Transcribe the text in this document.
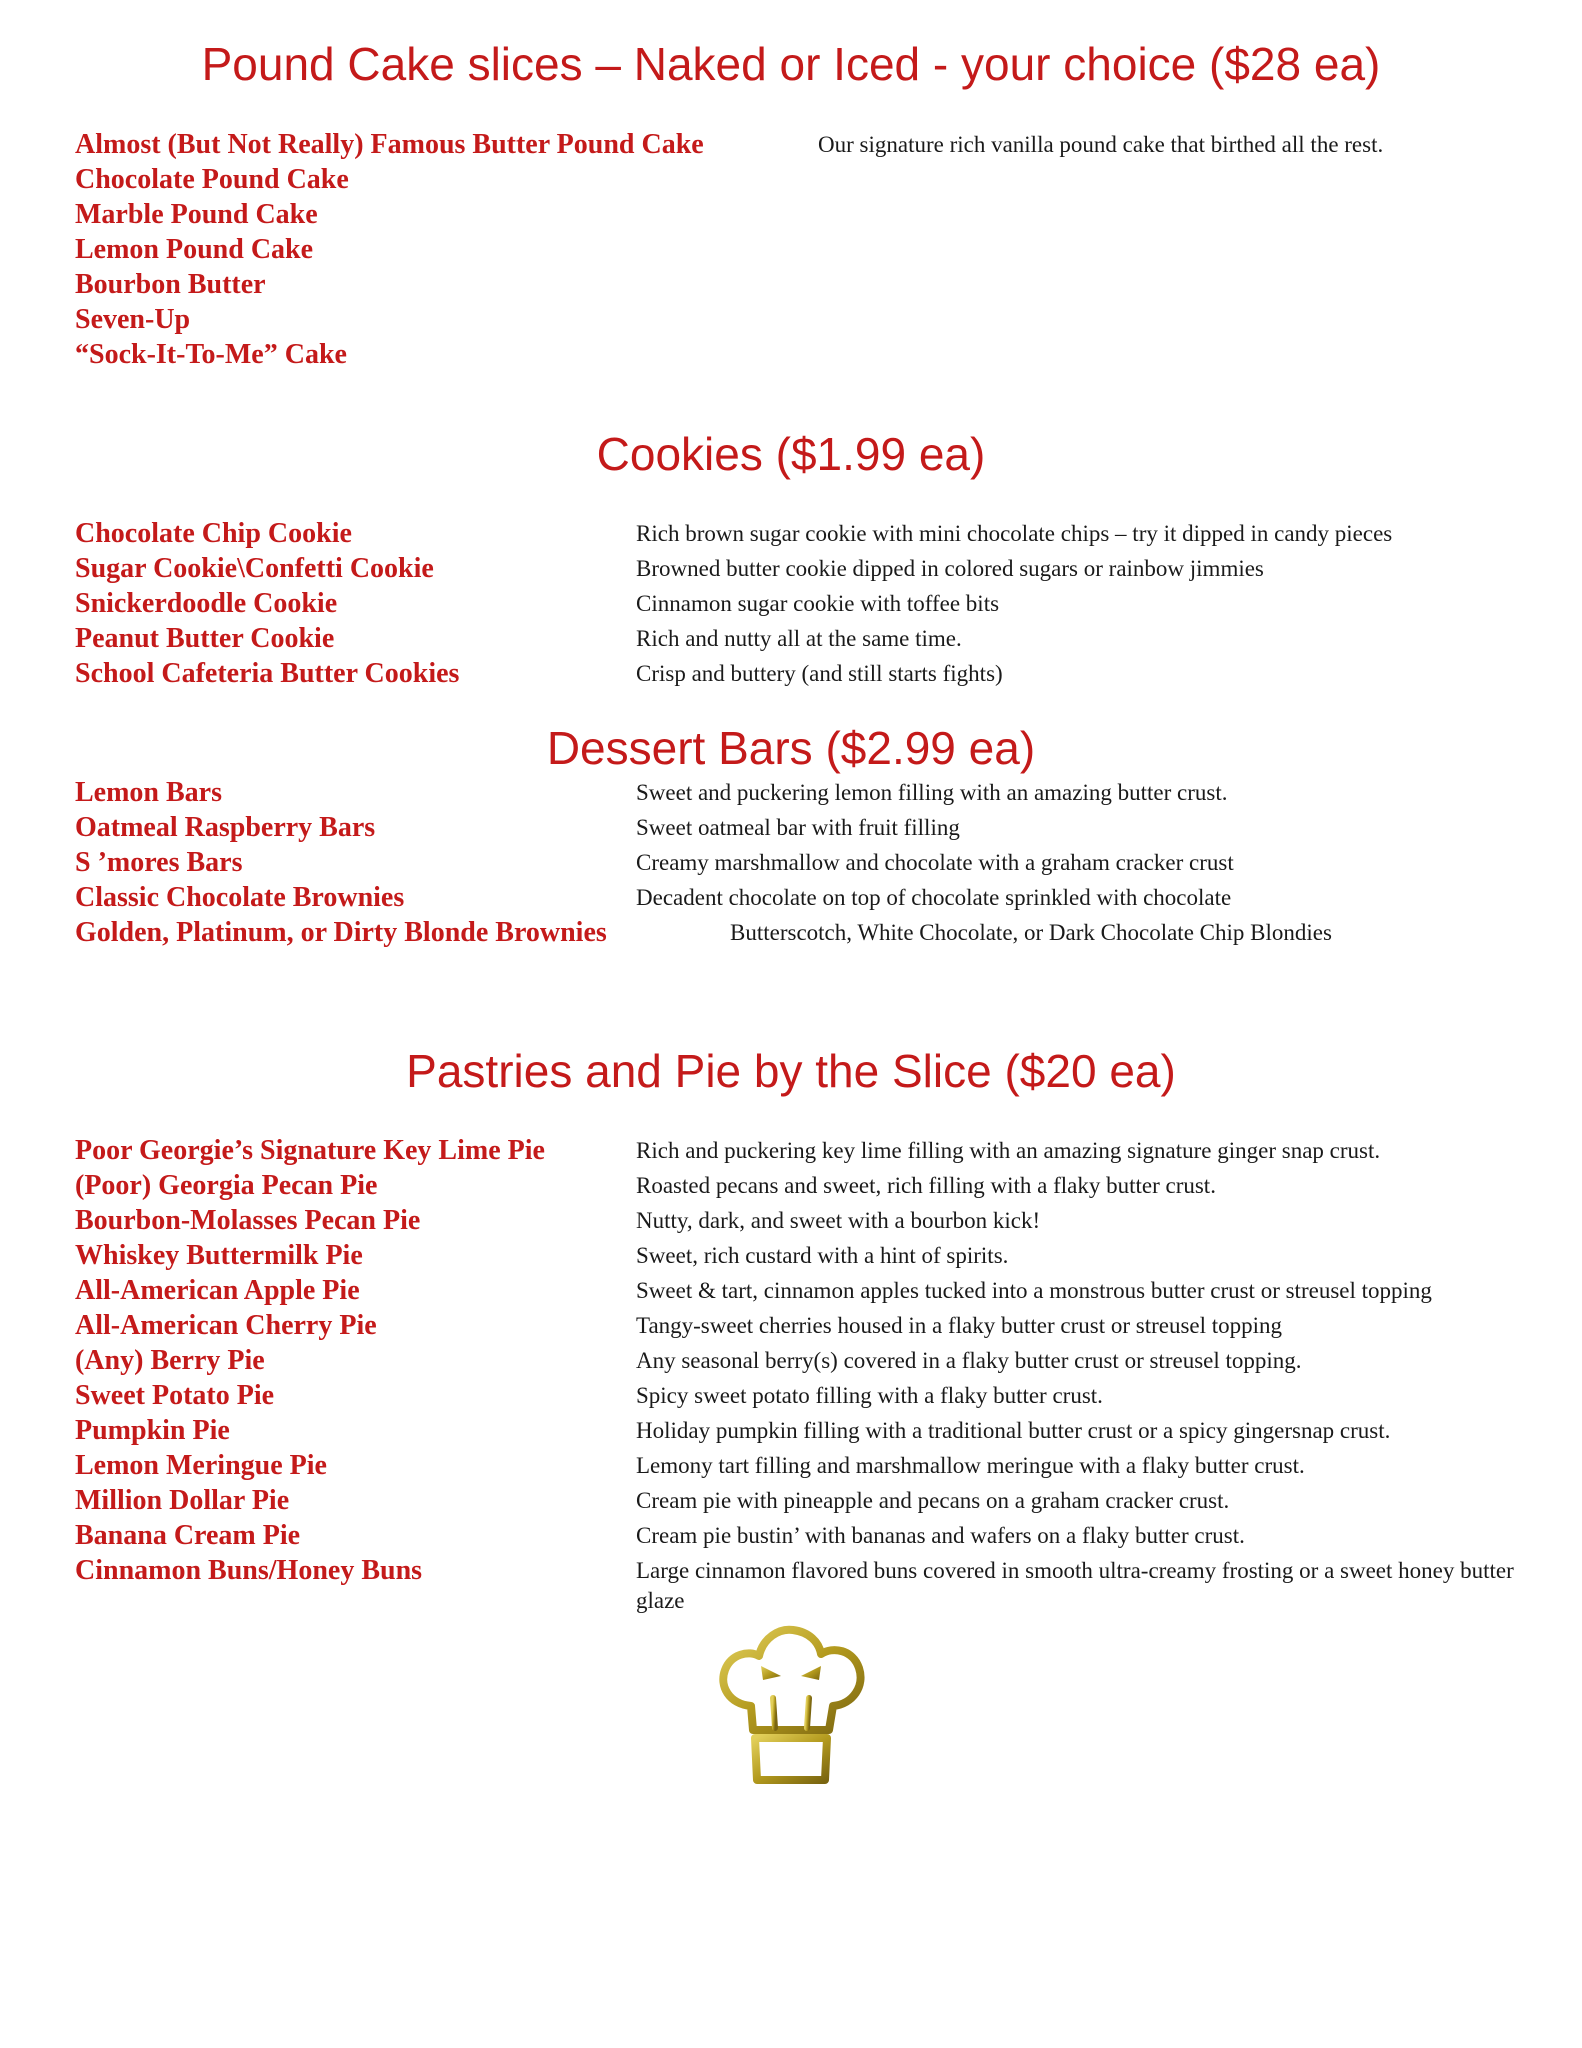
Pound Cake slices – Naked or Iced - your choice ($28 ea)
Almost (But Not Really) Famous Butter Pound Cake	Our signature rich vanilla pound cake that birthed all the rest.
Chocolate Pound Cake
Marble Pound Cake
Lemon Pound Cake
Bourbon Butter
Seven-Up
“Sock-It-To-Me” Cake
Cookies ($1.99 ea)
Chocolate Chip Cookie	Rich brown sugar cookie with mini chocolate chips – try it dipped in candy pieces
Sugar Cookie\Confetti Cookie	Browned butter cookie dipped in colored sugars or rainbow jimmies
Snickerdoodle Cookie	Cinnamon sugar cookie with toffee bits
Peanut Butter Cookie	Rich and nutty all at the same time.
School Cafeteria Butter Cookies	Crisp and buttery (and still starts fights)
Dessert Bars ($2.99 ea)
Lemon Bars	Sweet and puckering lemon filling with an amazing butter crust.
Oatmeal Raspberry Bars	Sweet oatmeal bar with fruit filling
S ’mores Bars	Creamy marshmallow and chocolate with a graham cracker crust
Classic Chocolate Brownies	Decadent chocolate on top of chocolate sprinkled with chocolate
Golden, Platinum, or Dirty Blonde Brownies	Butterscotch, White Chocolate, or Dark Chocolate Chip Blondies
Pastries and Pie by the Slice ($20 ea)
Poor Georgie’s Signature Key Lime Pie	Rich and puckering key lime filling with an amazing signature ginger snap crust.
(Poor) Georgia Pecan Pie	Roasted pecans and sweet, rich filling with a flaky butter crust.
Bourbon-Molasses Pecan Pie	Nutty, dark, and sweet with a bourbon kick!
Whiskey Buttermilk Pie	Sweet, rich custard with a hint of spirits.
All-American Apple Pie	Sweet & tart, cinnamon apples tucked into a monstrous butter crust or streusel topping
All-American Cherry Pie	Tangy-sweet cherries housed in a flaky butter crust or streusel topping
(Any) Berry Pie	Any seasonal berry(s) covered in a flaky butter crust or streusel topping.
Sweet Potato Pie	Spicy sweet potato filling with a flaky butter crust.
Pumpkin Pie	Holiday pumpkin filling with a traditional butter crust or a spicy gingersnap crust.
Lemon Meringue Pie	Lemony tart filling and marshmallow meringue with a flaky butter crust.
Million Dollar Pie	Cream pie with pineapple and pecans on a graham cracker crust.
Banana Cream Pie	Cream pie bustin’ with bananas and wafers on a flaky butter crust.
Cinnamon Buns/Honey Buns	Large cinnamon flavored buns covered in smooth ultra-creamy frosting or a sweet honey butter glaze
